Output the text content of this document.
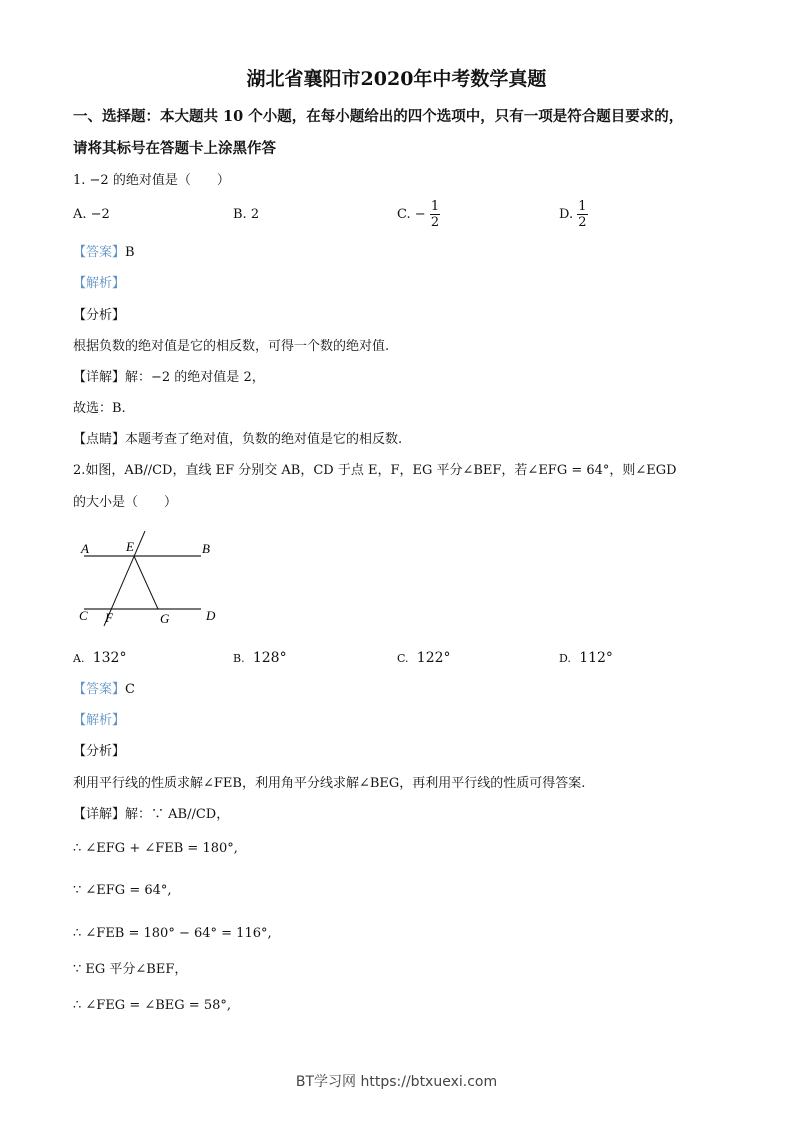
湖北省襄阳市2020年中考数学真题
一、选择题：本大题共 10 个小题，在每小题给出的四个选项中，只有一项是符合题目要求的，
请将其标号在答题卡上涂黑作答
1. −2 的绝对值是（　　）
A. −2	B. 2	C. − $\frac{1}{2}$	D. $\frac{1}{2}$
【答案】B
【解析】
【分析】
根据负数的绝对值是它的相反数，可得一个数的绝对值.
【详解】解：−2 的绝对值是 2，
故选：B.
【点睛】本题考查了绝对值，负数的绝对值是它的相反数.
2.如图，AB//CD，直线 EF 分别交 AB，CD 于点 E，F，EG 平分∠BEF，若∠EFG = 64°，则∠EGD
的大小是（　　）
A	E	B
C F	G	D
A. 132°	B. 128°	C. 122°	D. 112°
【答案】C
【解析】
【分析】
利用平行线的性质求解∠FEB，利用角平分线求解∠BEG，再利用平行线的性质可得答案.
【详解】解：∵ AB//CD，
∴ ∠EFG + ∠FEB = 180°,
∵ ∠EFG = 64°,
∴ ∠FEB = 180° − 64° = 116°,
∵ EG 平分∠BEF，
∴ ∠FEG = ∠BEG = 58°,
BT学习网 https://btxuexi.com
